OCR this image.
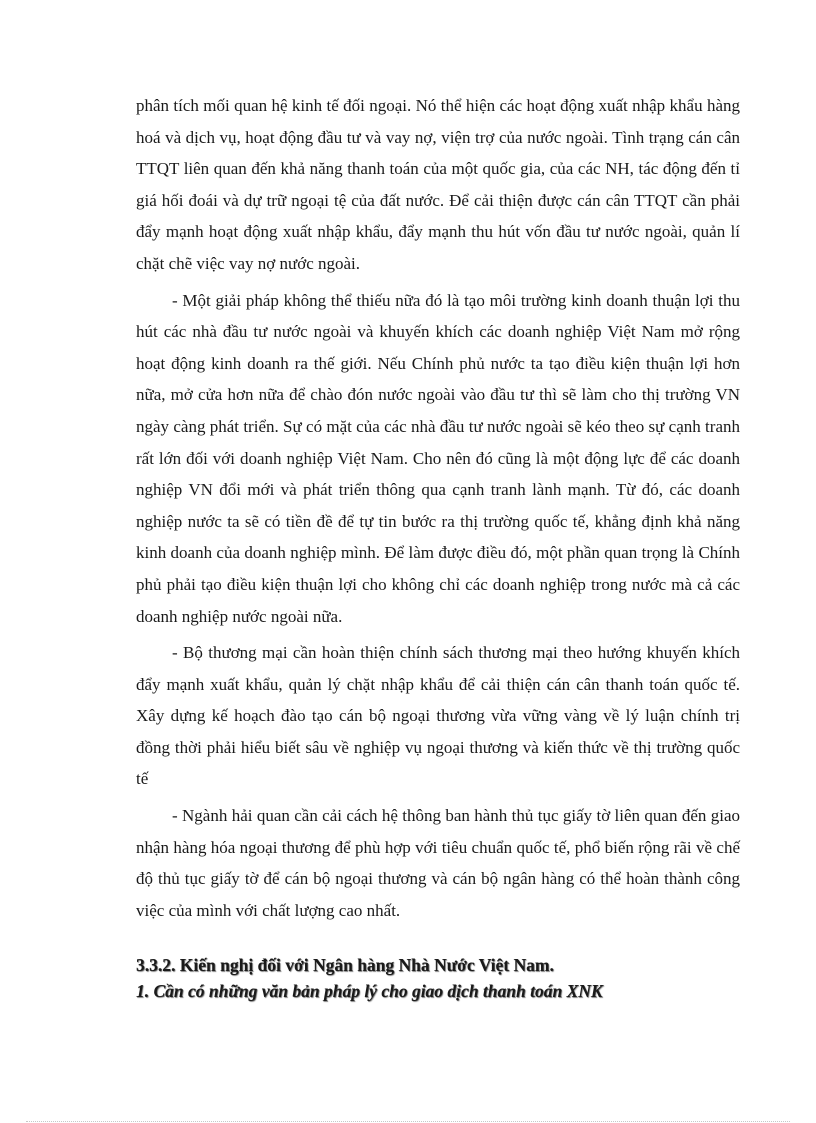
phân tích mối quan hệ kinh tế đối ngoại. Nó thể hiện các hoạt động xuất nhập khẩu hàng hoá và dịch vụ, hoạt động đầu tư và vay nợ, viện trợ của nước ngoài. Tình trạng cán cân TTQT liên quan đến khả năng thanh toán của một quốc gia, của các NH, tác động đến tỉ giá hối đoái và dự trữ ngoại tệ của đất nước. Để cải thiện được cán cân TTQT cần phải đẩy mạnh hoạt động xuất nhập khẩu, đẩy mạnh thu hút vốn đầu tư nước ngoài, quản lí chặt chẽ việc vay nợ nước ngoài.

- Một giải pháp không thể thiếu nữa đó là tạo môi trường kinh doanh thuận lợi thu hút các nhà đầu tư nước ngoài và khuyến khích các doanh nghiệp Việt Nam mở rộng hoạt động kinh doanh ra thế giới. Nếu Chính phủ nước ta tạo điều kiện thuận lợi hơn nữa, mở cửa hơn nữa để chào đón nước ngoài vào đầu tư thì sẽ làm cho thị trường VN ngày càng phát triển. Sự có mặt của các nhà đầu tư nước ngoài sẽ kéo theo sự cạnh tranh rất lớn đối với doanh nghiệp Việt Nam. Cho nên đó cũng là một động lực để các doanh nghiệp VN đổi mới và phát triển thông qua cạnh tranh lành mạnh. Từ đó, các doanh nghiệp nước ta sẽ có tiền đề để tự tin bước ra thị trường quốc tế, khẳng định khả năng kinh doanh của doanh nghiệp mình. Để làm được điều đó, một phần quan trọng là Chính phủ phải tạo điều kiện thuận lợi cho không chỉ các doanh nghiệp trong nước mà cả các doanh nghiệp nước ngoài nữa.

- Bộ thương mại cần hoàn thiện chính sách thương mại theo hướng khuyến khích đẩy mạnh xuất khẩu, quản lý chặt nhập khẩu để cải thiện cán cân thanh toán quốc tế. Xây dựng kế hoạch đào tạo cán bộ ngoại thương vừa vững vàng về lý luận chính trị đồng thời phải hiểu biết sâu về nghiệp vụ ngoại thương và kiến thức về thị trường quốc tế

- Ngành hải quan cần cải cách hệ thông ban hành thủ tục giấy tờ liên quan đến giao nhận hàng hóa ngoại thương để phù hợp với tiêu chuẩn quốc tế, phổ biến rộng rãi về chế độ thủ tục giấy tờ để cán bộ ngoại thương và cán bộ ngân hàng có thể hoàn thành công việc của mình với chất lượng cao nhất.

3.3.2. Kiến nghị đối với Ngân hàng Nhà Nước Việt Nam.
1. Cần có những văn bản pháp lý cho giao dịch thanh toán XNK
